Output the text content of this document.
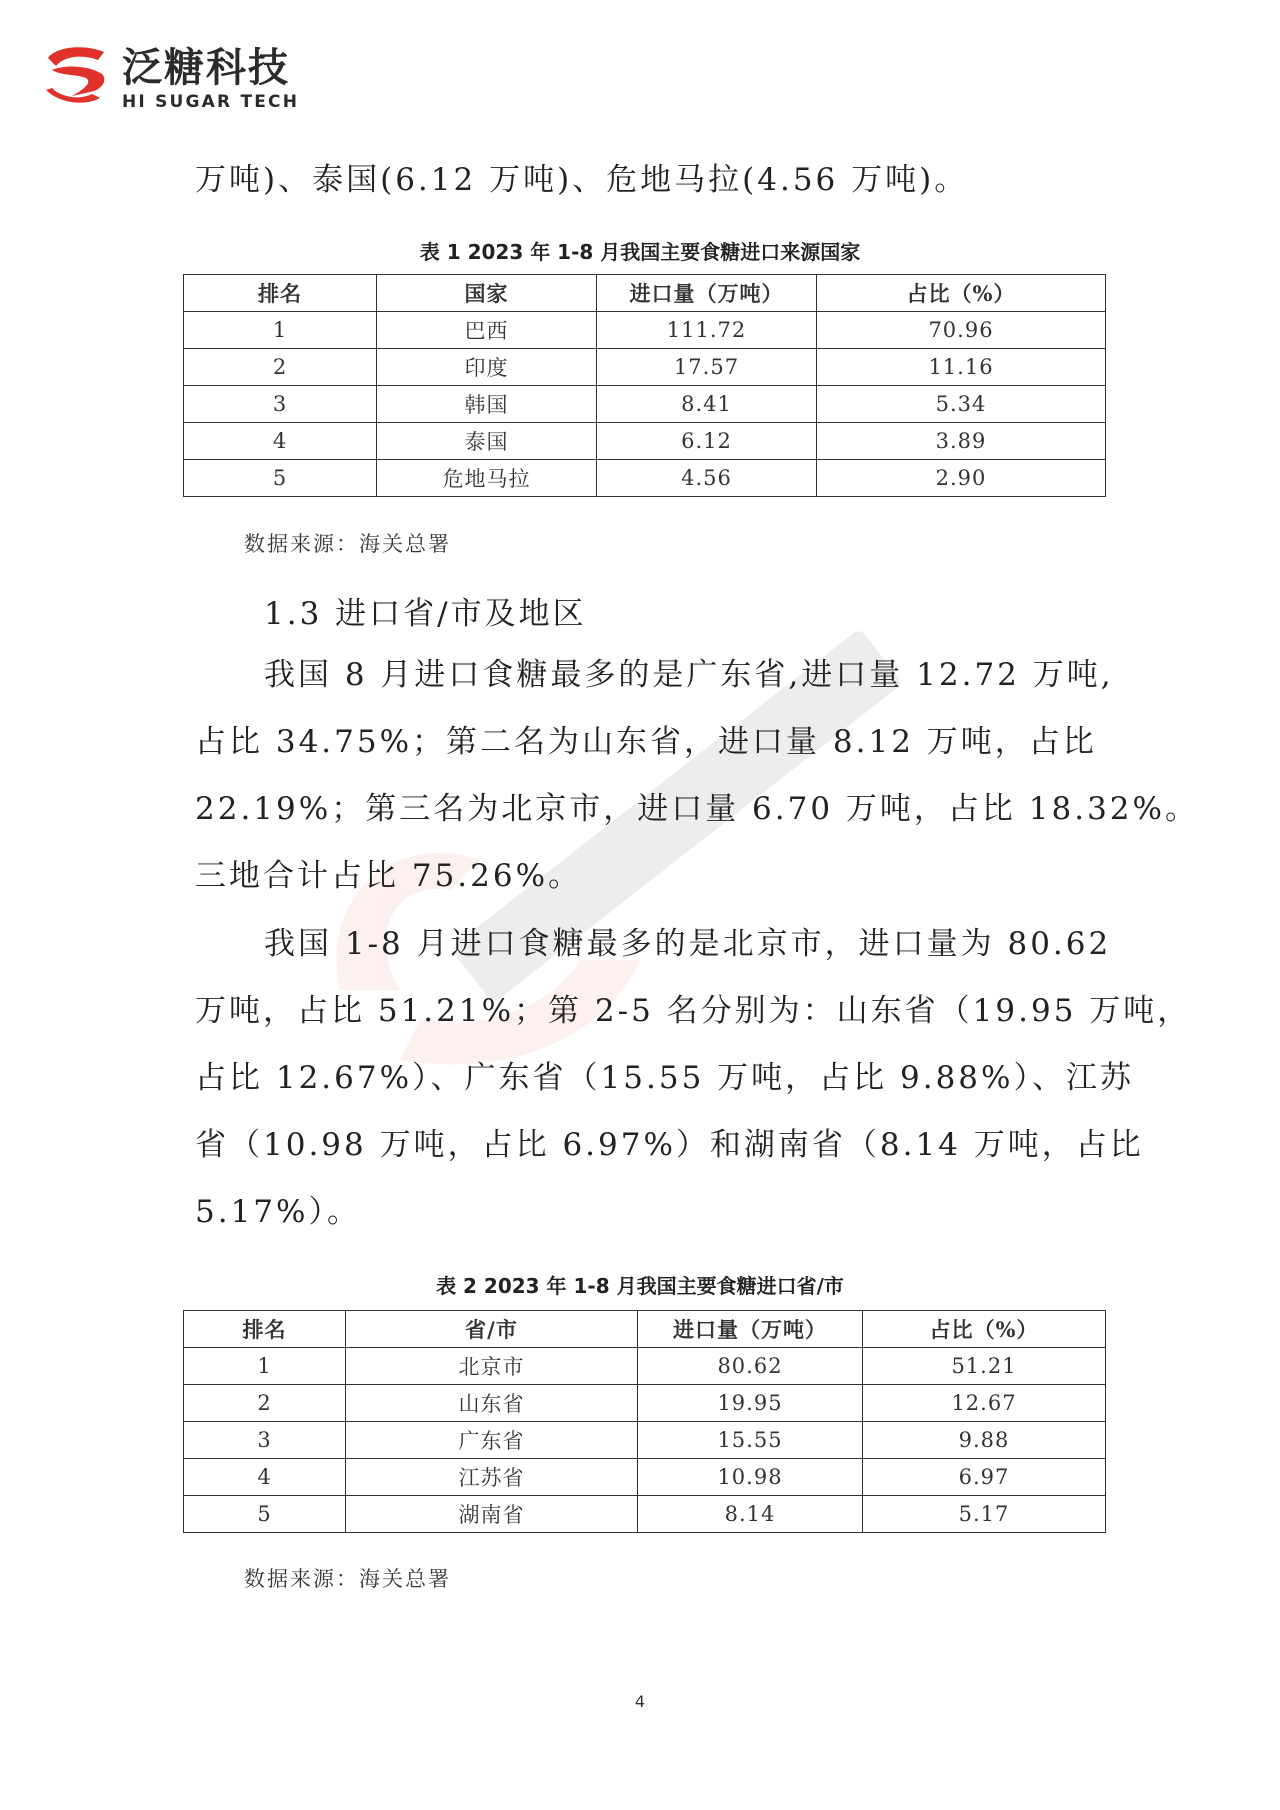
泛糖科技
HI SUGAR TECH
万吨)、泰国(6.12 万吨)、危地马拉(4.56 万吨)。
表 1 2023 年 1-8 月我国主要食糖进口来源国家
排名	国家	进口量（万吨）	占比（%）
1	巴西	111.72	70.96
2	印度	17.57	11.16
3	韩国	8.41	5.34
4	泰国	6.12	3.89
5	危地马拉	4.56	2.90
数据来源：海关总署
1.3 进口省/市及地区
我国 8 月进口食糖最多的是广东省,进口量 12.72 万吨,
占比 34.75%；第二名为山东省，进口量 8.12 万吨，占比
22.19%；第三名为北京市，进口量 6.70 万吨，占比 18.32%。
三地合计占比 75.26%。
我国 1-8 月进口食糖最多的是北京市，进口量为 80.62
万吨，占比 51.21%；第 2-5 名分别为：山东省（19.95 万吨，
占比 12.67%）、广东省（15.55 万吨，占比 9.88%）、江苏
省（10.98 万吨，占比 6.97%）和湖南省（8.14 万吨，占比
5.17%）。
表 2 2023 年 1-8 月我国主要食糖进口省/市
排名	省/市	进口量（万吨）	占比（%）
1	北京市	80.62	51.21
2	山东省	19.95	12.67
3	广东省	15.55	9.88
4	江苏省	10.98	6.97
5	湖南省	8.14	5.17
数据来源：海关总署
4
